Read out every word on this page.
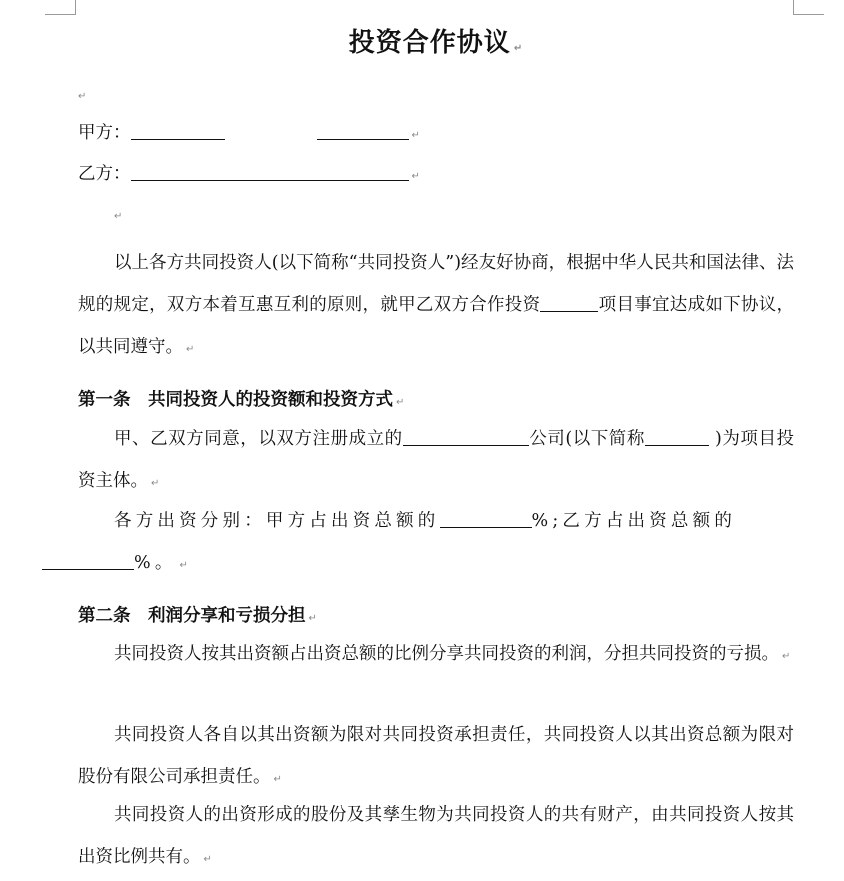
投资合作协议 ↵
↵
甲方：	↵
乙方：	↵
↵
以上各方共同投资人(以下简称“共同投资人”)经友好协商，根据中华人民共和国法律、法规的规定，双方本着互惠互利的原则，就甲乙双方合作投资	项目事宜达成如下协议，以共同遵守。 ↵
第一条　共同投资人的投资额和投资方式 ↵
甲、乙双方同意，以双方注册成立的	公司(以下简称	)为项目投资主体。 ↵
各方出资分别：甲方占出资总额的	%;乙方占出资总额的
%。 ↵
第二条　利润分享和亏损分担 ↵
共同投资人按其出资额占出资总额的比例分享共同投资的利润，分担共同投资的亏损。 ↵
共同投资人各自以其出资额为限对共同投资承担责任，共同投资人以其出资总额为限对股份有限公司承担责任。 ↵
共同投资人的出资形成的股份及其孳生物为共同投资人的共有财产，由共同投资人按其出资比例共有。 ↵
